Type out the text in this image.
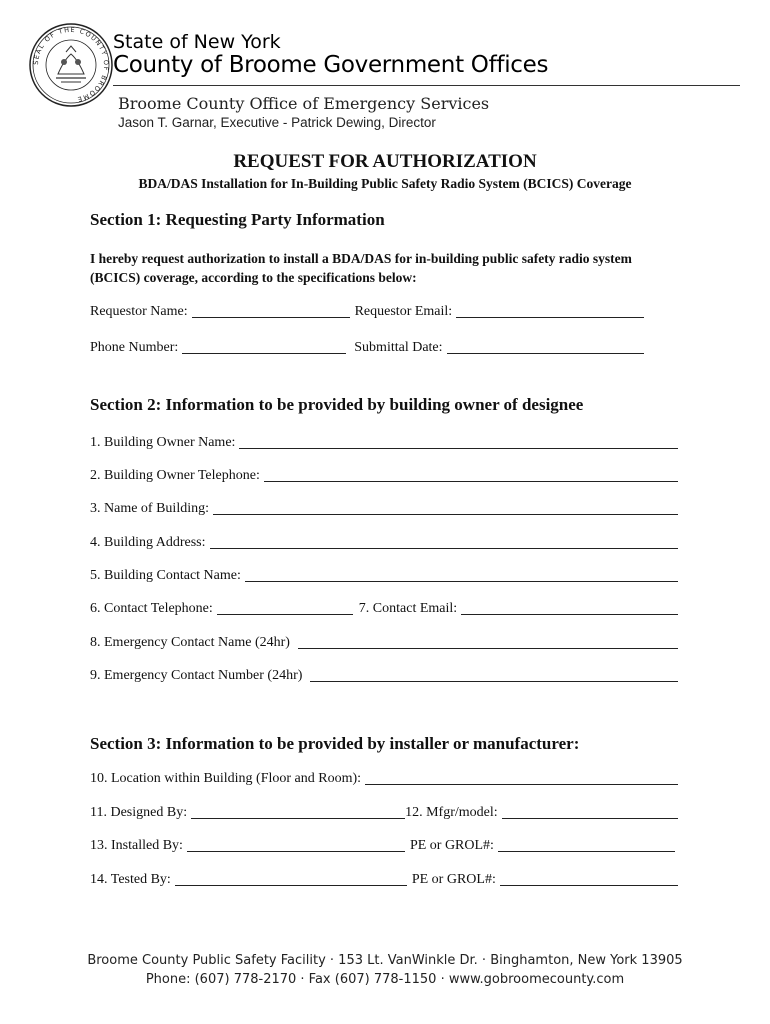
SEAL OF THE COUNTY OF BROOME
State of New York
County of Broome Government Offices
Broome County Office of Emergency Services
Jason T. Garnar, Executive - Patrick Dewing, Director
REQUEST FOR AUTHORIZATION
BDA/DAS Installation for In-Building Public Safety Radio System (BCICS) Coverage
Section 1: Requesting Party Information
I hereby request authorization to install a BDA/DAS for in-building public safety radio system (BCICS) coverage, according to the specifications below:
Requestor Name:	Requestor Email:
Phone Number:	Submittal Date:
Section 2: Information to be provided by building owner of designee
1. Building Owner Name:
2. Building Owner Telephone:
3. Name of Building:
4. Building Address:
5. Building Contact Name:
6. Contact Telephone:	7. Contact Email:
8. Emergency Contact Name (24hr)
9. Emergency Contact Number (24hr)
Section 3: Information to be provided by installer or manufacturer:
10. Location within Building (Floor and Room):
11. Designed By:	12. Mfgr/model:
13. Installed By:	PE or GROL#:
14. Tested By:	PE or GROL#:
Broome County Public Safety Facility · 153 Lt. VanWinkle Dr. · Binghamton, New York 13905
Phone: (607) 778-2170 · Fax (607) 778-1150 · www.gobroomecounty.com
